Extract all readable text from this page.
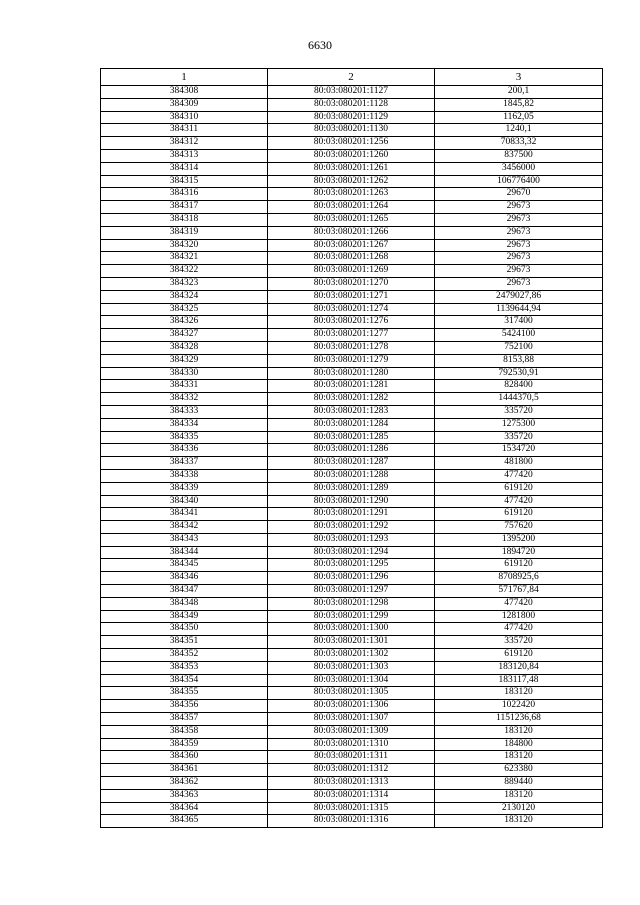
6630
1	2	3
384308	80:03:080201:1127	200,1
384309	80:03:080201:1128	1845,82
384310	80:03:080201:1129	1162,05
384311	80:03:080201:1130	1240,1
384312	80:03:080201:1256	70833,32
384313	80:03:080201:1260	837500
384314	80:03:080201:1261	3456000
384315	80:03:080201:1262	106776400
384316	80:03:080201:1263	29670
384317	80:03:080201:1264	29673
384318	80:03:080201:1265	29673
384319	80:03:080201:1266	29673
384320	80:03:080201:1267	29673
384321	80:03:080201:1268	29673
384322	80:03:080201:1269	29673
384323	80:03:080201:1270	29673
384324	80:03:080201:1271	2479027,86
384325	80:03:080201:1274	1139644,94
384326	80:03:080201:1276	317400
384327	80:03:080201:1277	5424100
384328	80:03:080201:1278	752100
384329	80:03:080201:1279	8153,88
384330	80:03:080201:1280	792530,91
384331	80:03:080201:1281	828400
384332	80:03:080201:1282	1444370,5
384333	80:03:080201:1283	335720
384334	80:03:080201:1284	1275300
384335	80:03:080201:1285	335720
384336	80:03:080201:1286	1534720
384337	80:03:080201:1287	481800
384338	80:03:080201:1288	477420
384339	80:03:080201:1289	619120
384340	80:03:080201:1290	477420
384341	80:03:080201:1291	619120
384342	80:03:080201:1292	757620
384343	80:03:080201:1293	1395200
384344	80:03:080201:1294	1894720
384345	80:03:080201:1295	619120
384346	80:03:080201:1296	8708925,6
384347	80:03:080201:1297	571767,84
384348	80:03:080201:1298	477420
384349	80:03:080201:1299	1281800
384350	80:03:080201:1300	477420
384351	80:03:080201:1301	335720
384352	80:03:080201:1302	619120
384353	80:03:080201:1303	183120,84
384354	80:03:080201:1304	183117,48
384355	80:03:080201:1305	183120
384356	80:03:080201:1306	1022420
384357	80:03:080201:1307	1151236,68
384358	80:03:080201:1309	183120
384359	80:03:080201:1310	184800
384360	80:03:080201:1311	183120
384361	80:03:080201:1312	623380
384362	80:03:080201:1313	889440
384363	80:03:080201:1314	183120
384364	80:03:080201:1315	2130120
384365	80:03:080201:1316	183120
